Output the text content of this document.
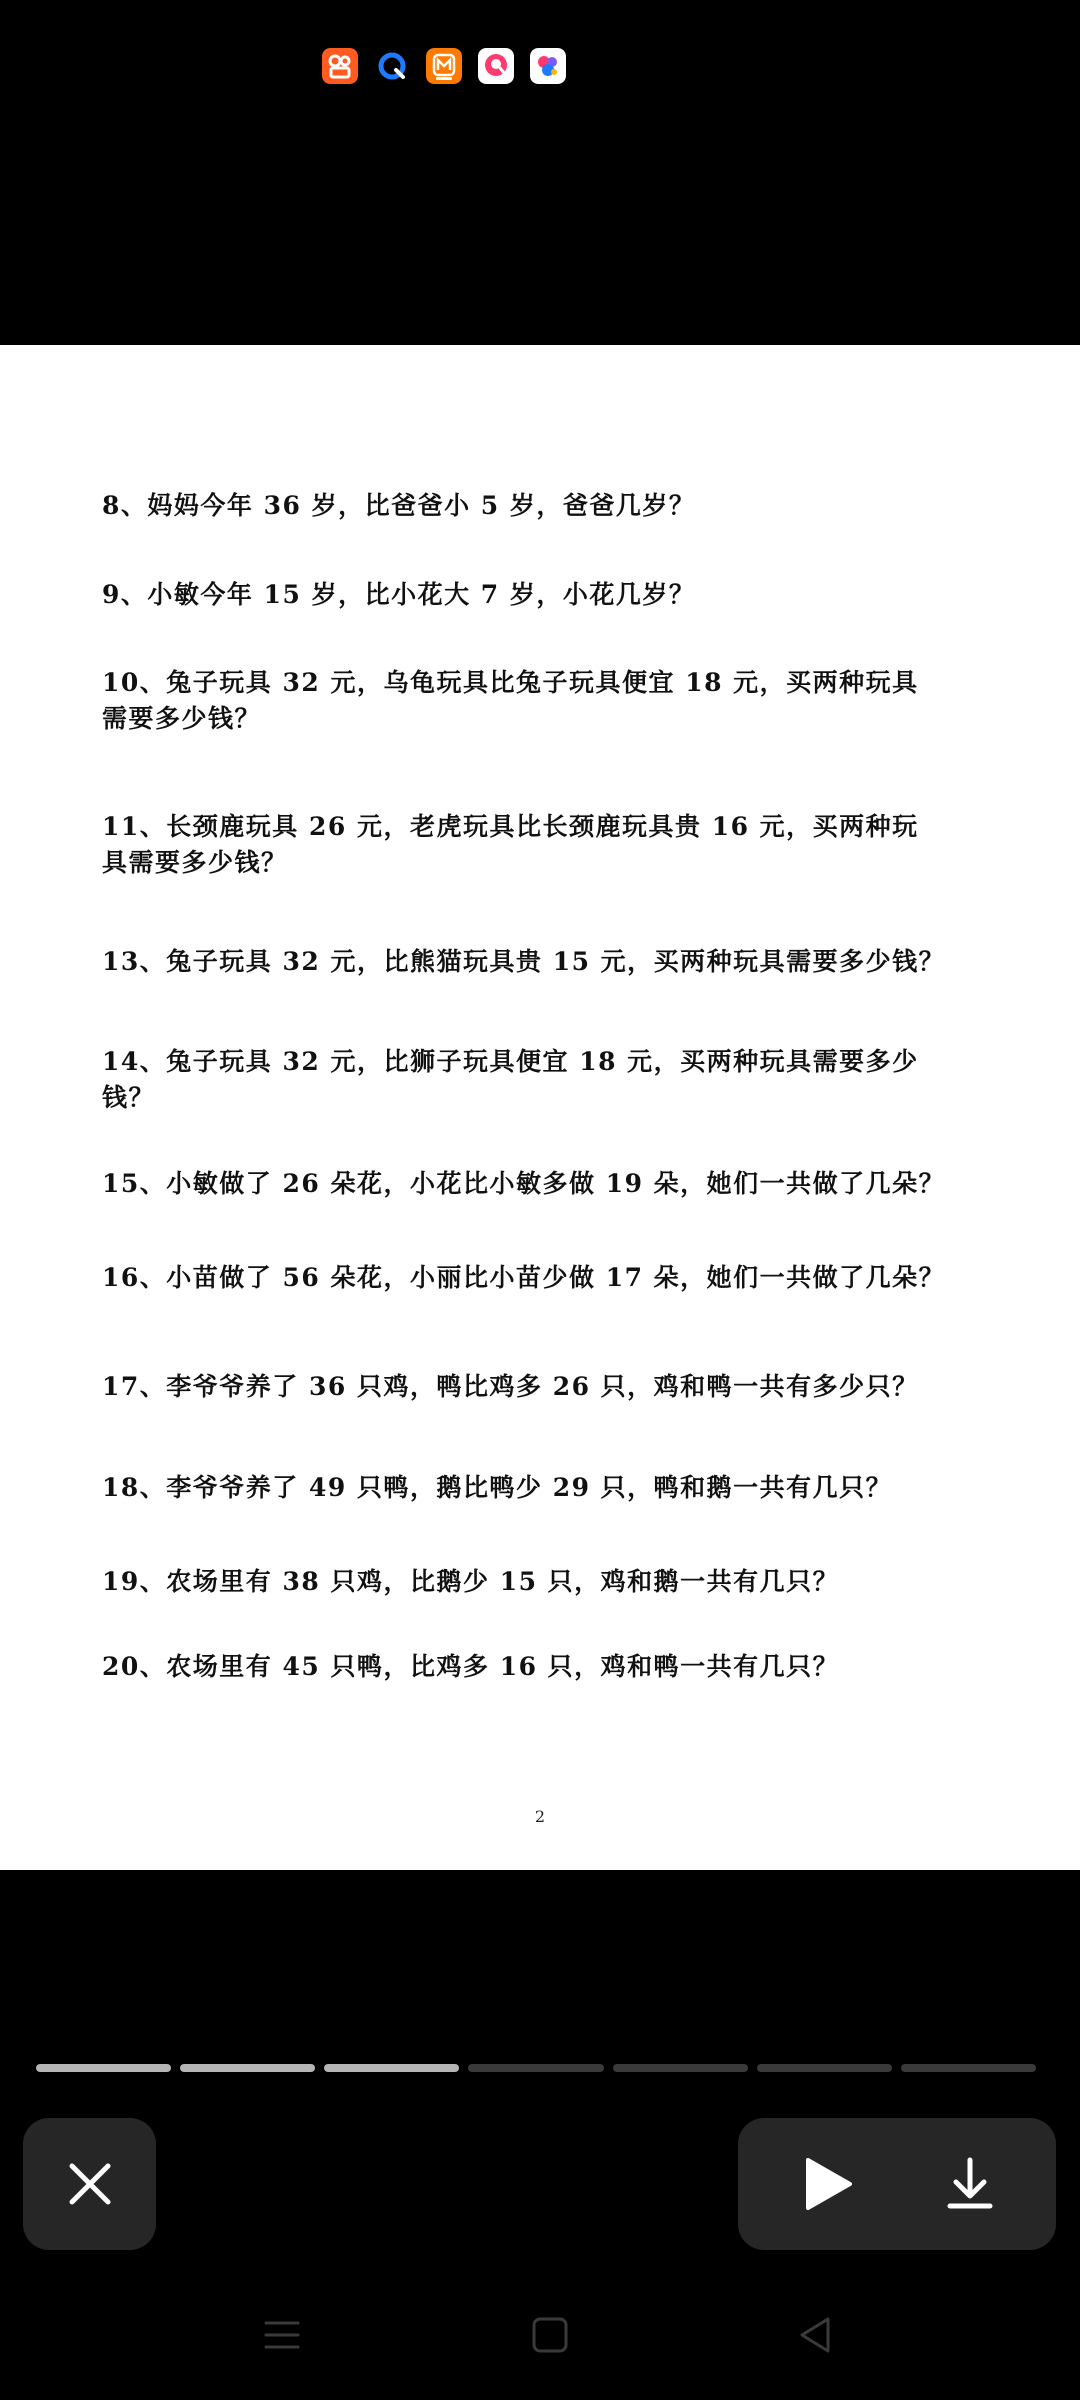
8、妈妈今年 36 岁，比爸爸小 5 岁，爸爸几岁？
9、小敏今年 15 岁，比小花大 7 岁，小花几岁？
10、兔子玩具 32 元，乌龟玩具比兔子玩具便宜 18 元，买两种玩具
需要多少钱？
11、长颈鹿玩具 26 元，老虎玩具比长颈鹿玩具贵 16 元，买两种玩
具需要多少钱？
13、兔子玩具 32 元，比熊猫玩具贵 15 元，买两种玩具需要多少钱？
14、兔子玩具 32 元，比狮子玩具便宜 18 元，买两种玩具需要多少
钱？
15、小敏做了 26 朵花，小花比小敏多做 19 朵，她们一共做了几朵？
16、小苗做了 56 朵花，小丽比小苗少做 17 朵，她们一共做了几朵？
17、李爷爷养了 36 只鸡，鸭比鸡多 26 只，鸡和鸭一共有多少只？
18、李爷爷养了 49 只鸭，鹅比鸭少 29 只，鸭和鹅一共有几只？
19、农场里有 38 只鸡，比鹅少 15 只，鸡和鹅一共有几只？
20、农场里有 45 只鸭，比鸡多 16 只，鸡和鸭一共有几只？
2
